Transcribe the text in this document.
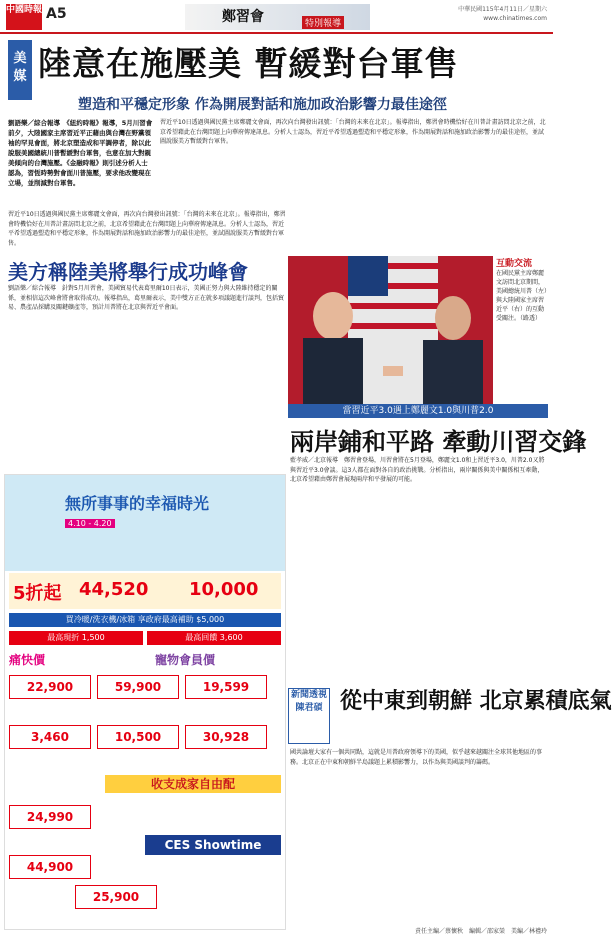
中國時報 A5	鄭習會	特別報導
中華民國115年4月11日／星期六
www.chinatimes.com
美媒 陸意在施壓美 暫緩對台軍售
塑造和平穩定形象 作為開展對話和施加政治影響力最佳途徑
劉語樂／綜合報導　《紐約時報》報導，5月川習會前夕，大陸國家主席習近平正藉由與台灣在野黨領袖的罕見會面，將北京塑造成和平調停者，除以此說服美國總統川普暫緩對台軍售，也意在加大對親美傾向的台灣施壓。《金融時報》則引述分析人士認為，習恆時勢對會面川普施壓，要求他改變現在立場，並削減對台軍售。
習近平10日透過與國民黨主席鄭麗文會面，再次向台灣發出訊號：「台灣的未來在北京」。報導指出，鄭習會時機恰好在川普計畫訪問北京之前，北京希望藉此在台灣問題上向華府傳達訊息。分析人士認為，習近平希望透過塑造和平穩定形象，作為開展對話和施加政治影響力的最佳途徑，並試圖說服美方暫緩對台軍售。
習近平10日透過與國民黨主席鄭麗文會面，再次向台灣發出訊號：「台灣的未來在北京」。報導指出，鄭習會時機恰好在川普計畫訪問北京之前，北京希望藉此在台灣問題上向華府傳達訊息。分析人士認為，習近平希望透過塑造和平穩定形象，作為開展對話和施加政治影響力的最佳途徑，並試圖說服美方暫緩對台軍售。
美方稱陸美將舉行成功峰會
劉語樂／綜合報導　針對5月川習會，美國貿易代表葛里爾10日表示，美國正努力與大陸維持穩定的關係，並相信這次峰會將會取得成功。報導指出，葛里爾表示，美中雙方正在就多項議題進行談判，包括貿易、農產品採購及關鍵礦產等，預計川普將在北京與習近平會面。
互動交流
在國民黨主席鄭麗文訪問北京期間，美國總統川普（左）與大陸國家主席習近平（右）的互動受關注。（路透）
當習近平3.0遇上鄭麗文1.0與川普2.0
兩岸鋪和平路 牽動川習交鋒
藍孝威／北京報導　鄭習會登場，川習會將在5月登場，鄭麗文1.0和上習近平3.0，川普2.0又將與習近平3.0會談。這3人都在面對各自的政治挑戰。分析指出，兩岸關係與美中關係相互牽動，北京希望藉由鄭習會展現兩岸和平發展的可能。
無所事事的幸福時光
4.10 - 4.20
5折起 44,520 10,000
買冷暖/洗衣機/冰箱 享政府最高補助 $5,000
最高現折 1,500	最高回饋 3,600
痛快價	寵物會員價
收支成家自由配
CES Showtime
22,900	59,900	19,599
3,460	10,500	30,928
24,990
44,900
25,900
新聞透視
陳君碩 從中東到朝鮮 北京累積底氣
國共論壇大家有一個共同點，這就是川普政府領導下的美國，似乎越來越關注全球其他地區的事務。北京正在中東和朝鮮半島議題上累積影響力，以作為與美國談判的籌碼。
責任主編／蔡懷秋　編輯／邵家榮　美編／林禮玲
